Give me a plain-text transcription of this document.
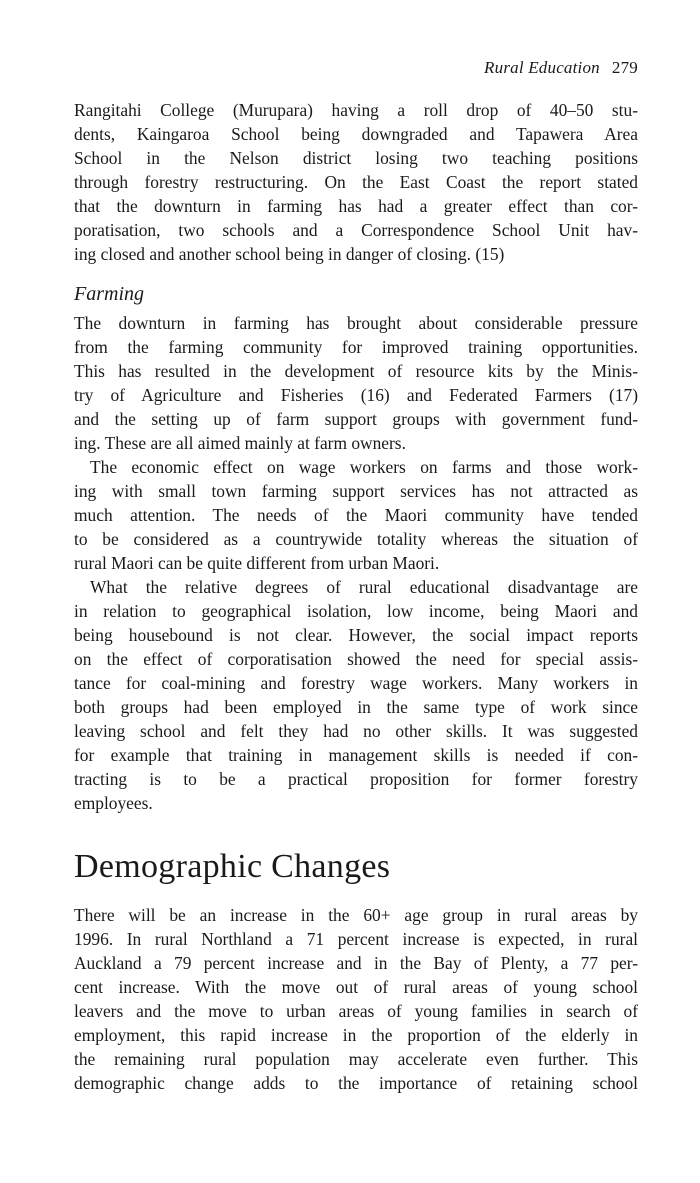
Rural Education 279
Rangitahi College (Murupara) having a roll drop of 40–50 stu-
dents, Kaingaroa School being downgraded and Tapawera Area
School in the Nelson district losing two teaching positions
through forestry restructuring. On the East Coast the report stated
that the downturn in farming has had a greater effect than cor-
poratisation, two schools and a Correspondence School Unit hav-
ing closed and another school being in danger of closing. (15)
The downturn in farming has brought about considerable pressure
from the farming community for improved training opportunities.
This has resulted in the development of resource kits by the Minis-
try of Agriculture and Fisheries (16) and Federated Farmers (17)
and the setting up of farm support groups with government fund-
ing. These are all aimed mainly at farm owners.
The economic effect on wage workers on farms and those work-
ing with small town farming support services has not attracted as
much attention. The needs of the Maori community have tended
to be considered as a countrywide totality whereas the situation of
rural Maori can be quite different from urban Maori.
What the relative degrees of rural educational disadvantage are
in relation to geographical isolation, low income, being Maori and
being housebound is not clear. However, the social impact reports
on the effect of corporatisation showed the need for special assis-
tance for coal-mining and forestry wage workers. Many workers in
both groups had been employed in the same type of work since
leaving school and felt they had no other skills. It was suggested
for example that training in management skills is needed if con-
tracting is to be a practical proposition for former forestry
employees.
There will be an increase in the 60+ age group in rural areas by
1996. In rural Northland a 71 percent increase is expected, in rural
Auckland a 79 percent increase and in the Bay of Plenty, a 77 per-
cent increase. With the move out of rural areas of young school
leavers and the move to urban areas of young families in search of
employment, this rapid increase in the proportion of the elderly in
the remaining rural population may accelerate even further. This
demographic change adds to the importance of retaining school
Farming
Demographic Changes
